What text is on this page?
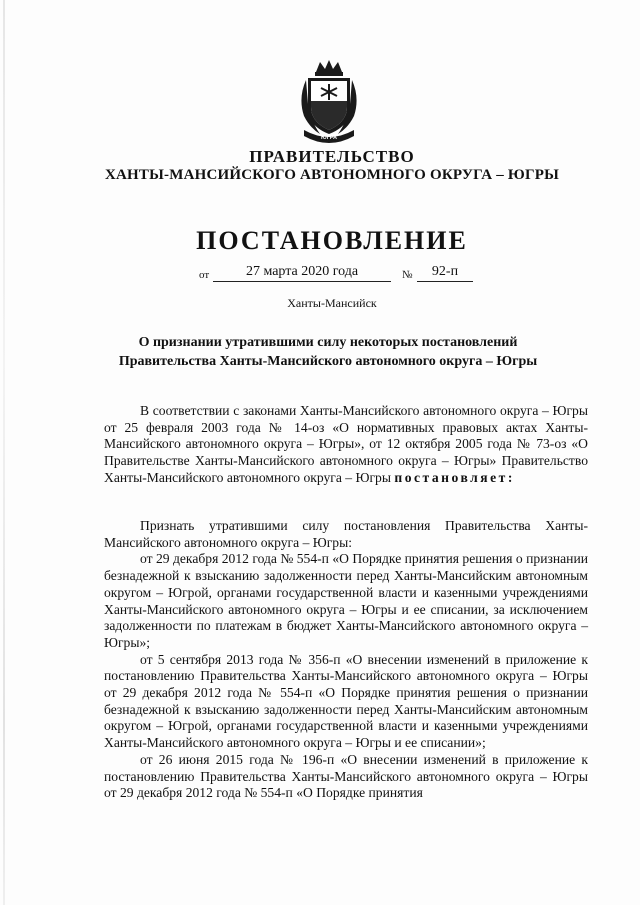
ЮГРА
ПРАВИТЕЛЬСТВО
ХАНТЫ-МАНСИЙСКОГО АВТОНОМНОГО ОКРУГА – ЮГРЫ
ПОСТАНОВЛЕНИЕ
от	27 марта 2020 года	№	92-п
Ханты-Мансийск
О признании утратившими силу некоторых постановлений
Правительства Ханты-Мансийского автономного округа – Югры

В соответствии с законами Ханты-Мансийского автономного округа – Югры от 25 февраля 2003 года № 14-оз «О нормативных правовых актах Ханты-Мансийского автономного округа – Югры», от 12 октября 2005 года № 73-оз «О Правительстве Ханты-Мансийского автономного округа – Югры» Правительство Ханты-Мансийского автономного округа – Югры постановляет:

Признать утратившими силу постановления Правительства Ханты-Мансийского автономного округа – Югры:

от 29 декабря 2012 года № 554-п «О Порядке принятия решения о признании безнадежной к взысканию задолженности перед Ханты-Мансийским автономным округом – Югрой, органами государственной власти и казенными учреждениями Ханты-Мансийского автономного округа – Югры и ее списании, за исключением задолженности по платежам в бюджет Ханты-Мансийского автономного округа – Югры»;

от 5 сентября 2013 года № 356-п «О внесении изменений в приложение к постановлению Правительства Ханты-Мансийского автономного округа – Югры от 29 декабря 2012 года № 554-п «О Порядке принятия решения о признании безнадежной к взысканию задолженности перед Ханты-Мансийским автономным округом – Югрой, органами государственной власти и казенными учреждениями Ханты-Мансийского автономного округа – Югры и ее списании»;

от 26 июня 2015 года № 196-п «О внесении изменений в приложение к постановлению Правительства Ханты-Мансийского автономного округа – Югры от 29 декабря 2012 года № 554-п «О Порядке принятия
